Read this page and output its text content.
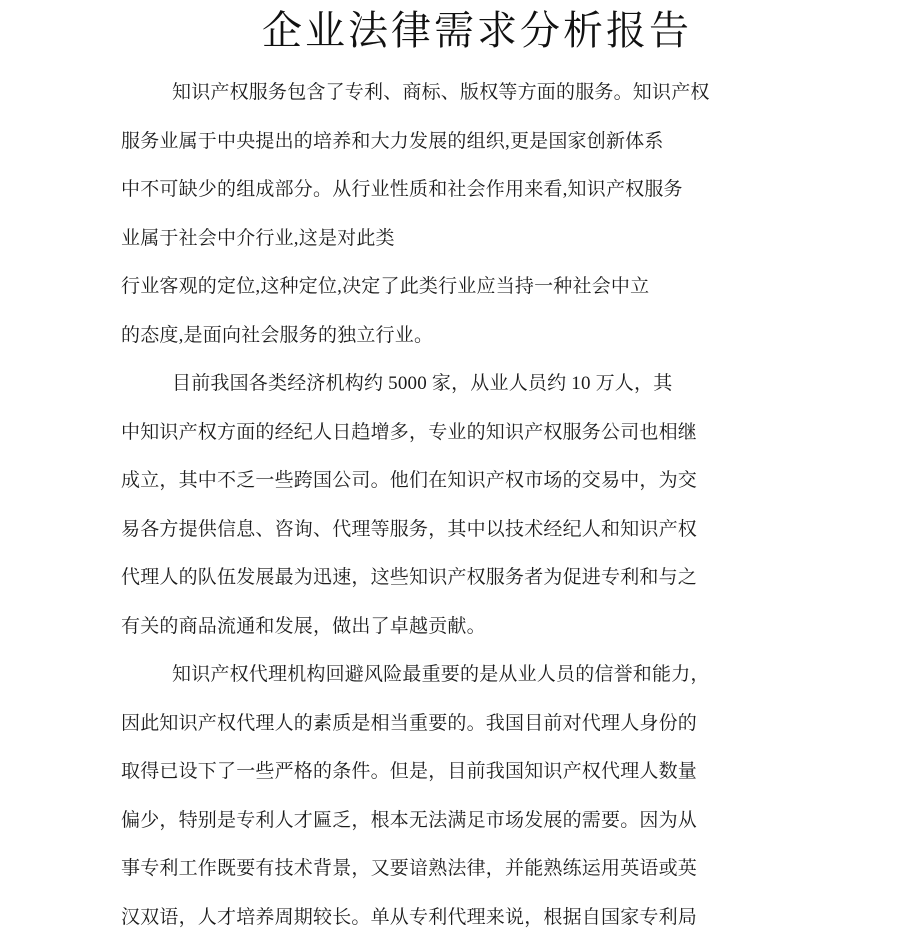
企业法律需求分析报告
知识产权服务包含了专利、商标、版权等方面的服务。知识产权
服务业属于中央提出的培养和大力发展的组织,更是国家创新体系
中不可缺少的组成部分。从行业性质和社会作用来看,知识产权服务
业属于社会中介行业,这是对此类
行业客观的定位,这种定位,决定了此类行业应当持一种社会中立
的态度,是面向社会服务的独立行业。
目前我国各类经济机构约 5000 家，从业人员约 10 万人，其
中知识产权方面的经纪人日趋增多，专业的知识产权服务公司也相继
成立，其中不乏一些跨国公司。他们在知识产权市场的交易中，为交
易各方提供信息、咨询、代理等服务，其中以技术经纪人和知识产权
代理人的队伍发展最为迅速，这些知识产权服务者为促进专利和与之
有关的商品流通和发展，做出了卓越贡献。
知识产权代理机构回避风险最重要的是从业人员的信誉和能力，
因此知识产权代理人的素质是相当重要的。我国目前对代理人身份的
取得已设下了一些严格的条件。但是，目前我国知识产权代理人数量
偏少，特别是专利人才匾乏，根本无法满足市场发展的需要。因为从
事专利工作既要有技术背景，又要谙熟法律，并能熟练运用英语或英
汉双语，人才培养周期较长。单从专利代理来说，根据自国家专利局
